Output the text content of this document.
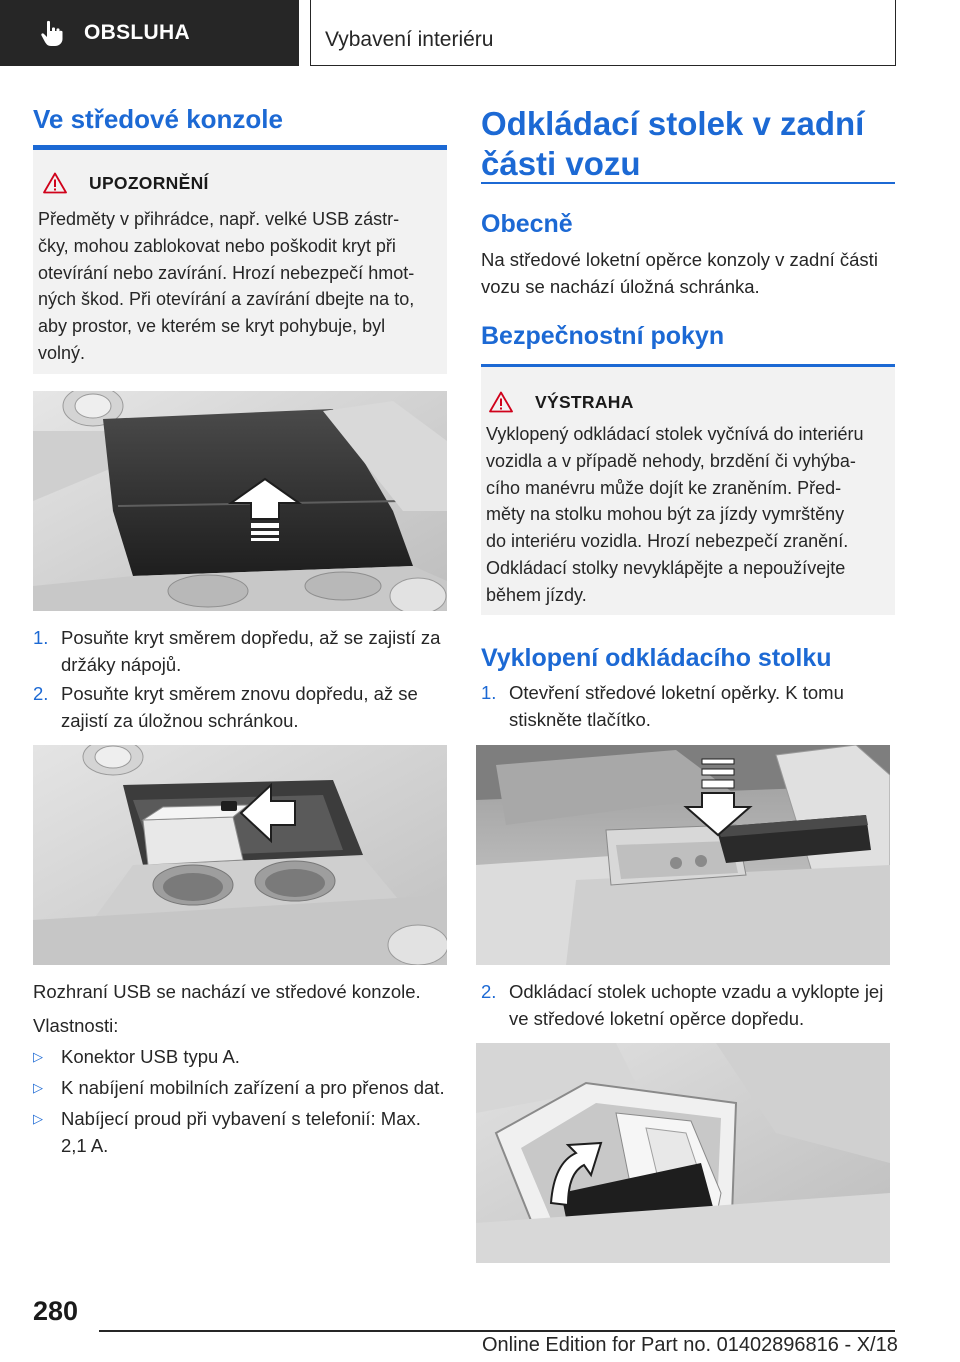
OBSLUHA	Vybavení interiéru
Ve středové konzole
UPOZORNĚNÍ
Předměty v přihrádce, např. velké USB zástr‐
čky, mohou zablokovat nebo poškodit kryt při
otevírání nebo zavírání. Hrozí nebezpečí hmot‐
ných škod. Při otevírání a zavírání dbejte na to,
aby prostor, ve kterém se kryt pohybuje, byl
volný.
1. Posuňte kryt směrem dopředu, až se zajistí za
držáky nápojů.
2. Posuňte kryt směrem znovu dopředu, až se
zajistí za úložnou schránkou.
Rozhraní USB se nachází ve středové konzole.
Vlastnosti:
▷ Konektor USB typu A.
▷ K nabíjení mobilních zařízení a pro přenos dat.
▷ Nabíjecí proud při vybavení s telefonií: Max.
2,1 A.
Odkládací stolek v zadní
části vozu
Obecně
Na středové loketní opěrce konzoly v zadní části
vozu se nachází úložná schránka.
Bezpečnostní pokyn
VÝSTRAHA
Vyklopený odkládací stolek vyčnívá do interiéru
vozidla a v případě nehody, brzdění či vyhýba‐
cího manévru může dojít ke zraněním. Před‐
měty na stolku mohou být za jízdy vymrštěny
do interiéru vozidla. Hrozí nebezpečí zranění.
Odkládací stolky nevyklápějte a nepoužívejte
během jízdy.
Vyklopení odkládacího stolku
1. Otevření středové loketní opěrky. K tomu
stiskněte tlačítko.
2. Odkládací stolek uchopte vzadu a vyklopte jej
ve středové loketní opěrce dopředu.
280
Online Edition for Part no. 01402896816 - X/18
